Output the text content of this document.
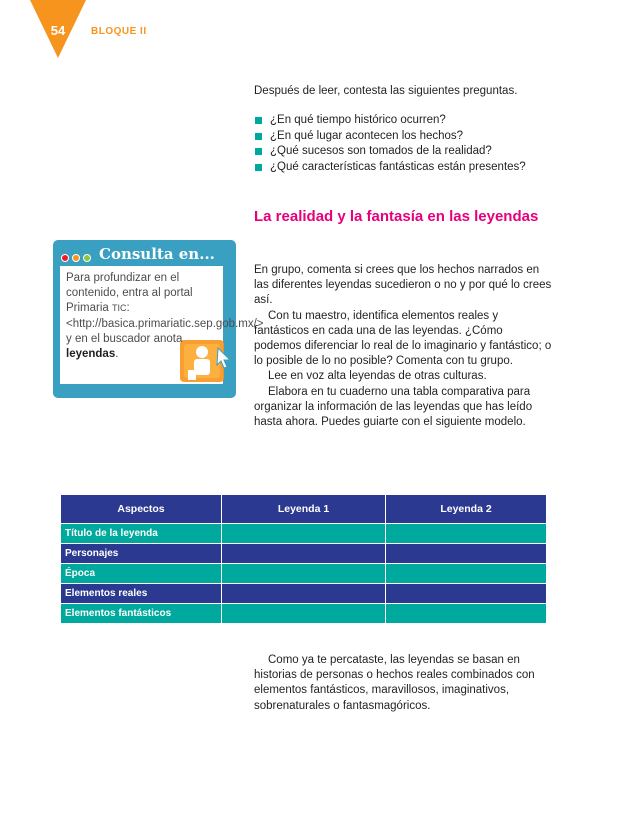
54	BLOQUE II
Después de leer, contesta las siguientes preguntas.
¿En qué tiempo histórico ocurren?
¿En qué lugar acontecen los hechos?
¿Qué sucesos son tomados de la realidad?
¿Qué características fantásticas están presentes?
La realidad y la fantasía en las leyendas

En grupo, comenta si crees que los hechos narrados en las diferentes leyendas sucedieron o no y por qué lo crees así.

Con tu maestro, identifica elementos reales y fantásticos en cada una de las leyendas. ¿Cómo podemos diferenciar lo real de lo imaginario y fantástico; o lo posible de lo no posible? Comenta con tu grupo.

Lee en voz alta leyendas de otras culturas.

Elabora en tu cuaderno una tabla comparativa para organizar la información de las leyendas que has leído hasta ahora. Puedes guiarte con el siguiente modelo.

Consulta en...
Para profundizar en el contenido, entra al portal Primaria TIC: <http://basica.primariatic.sep.gob.mx/> y en el buscador anota leyendas.
Aspectos	Leyenda 1	Leyenda 2
Título de la leyenda		
Personajes		
Época		
Elementos reales		
Elementos fantásticos		

Como ya te percataste, las leyendas se basan en historias de personas o hechos reales combinados con elementos fantásticos, maravillosos, imaginativos, sobrenaturales o fantasmagóricos.
